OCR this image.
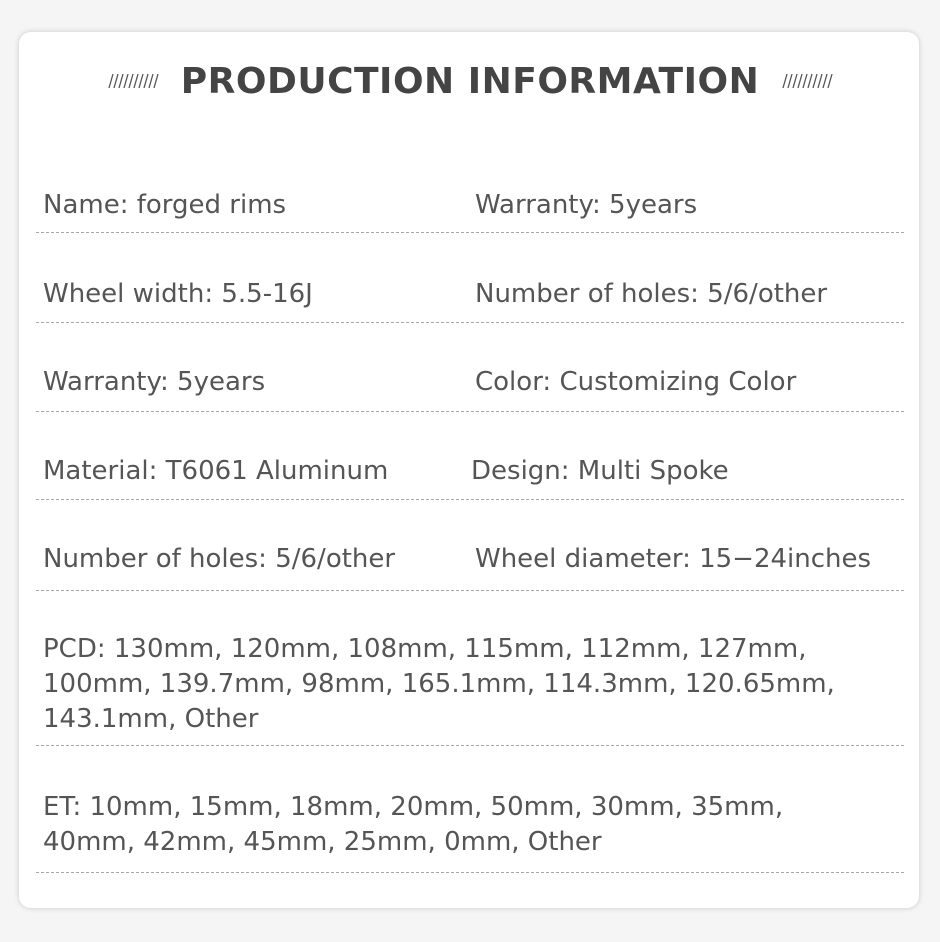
PRODUCTION INFORMATION
Name: forged rims	Warranty: 5years
Wheel width: 5.5-16J	Number of holes: 5/6/other
Warranty: 5years	Color: Customizing Color
Material: T6061 Aluminum	Design: Multi Spoke
Number of holes: 5/6/other	Wheel diameter: 15−24inches
PCD: 130mm, 120mm, 108mm, 115mm, 112mm, 127mm,
100mm, 139.7mm, 98mm, 165.1mm, 114.3mm, 120.65mm,
143.1mm, Other
ET: 10mm, 15mm, 18mm, 20mm, 50mm, 30mm, 35mm,
40mm, 42mm, 45mm, 25mm, 0mm, Other
